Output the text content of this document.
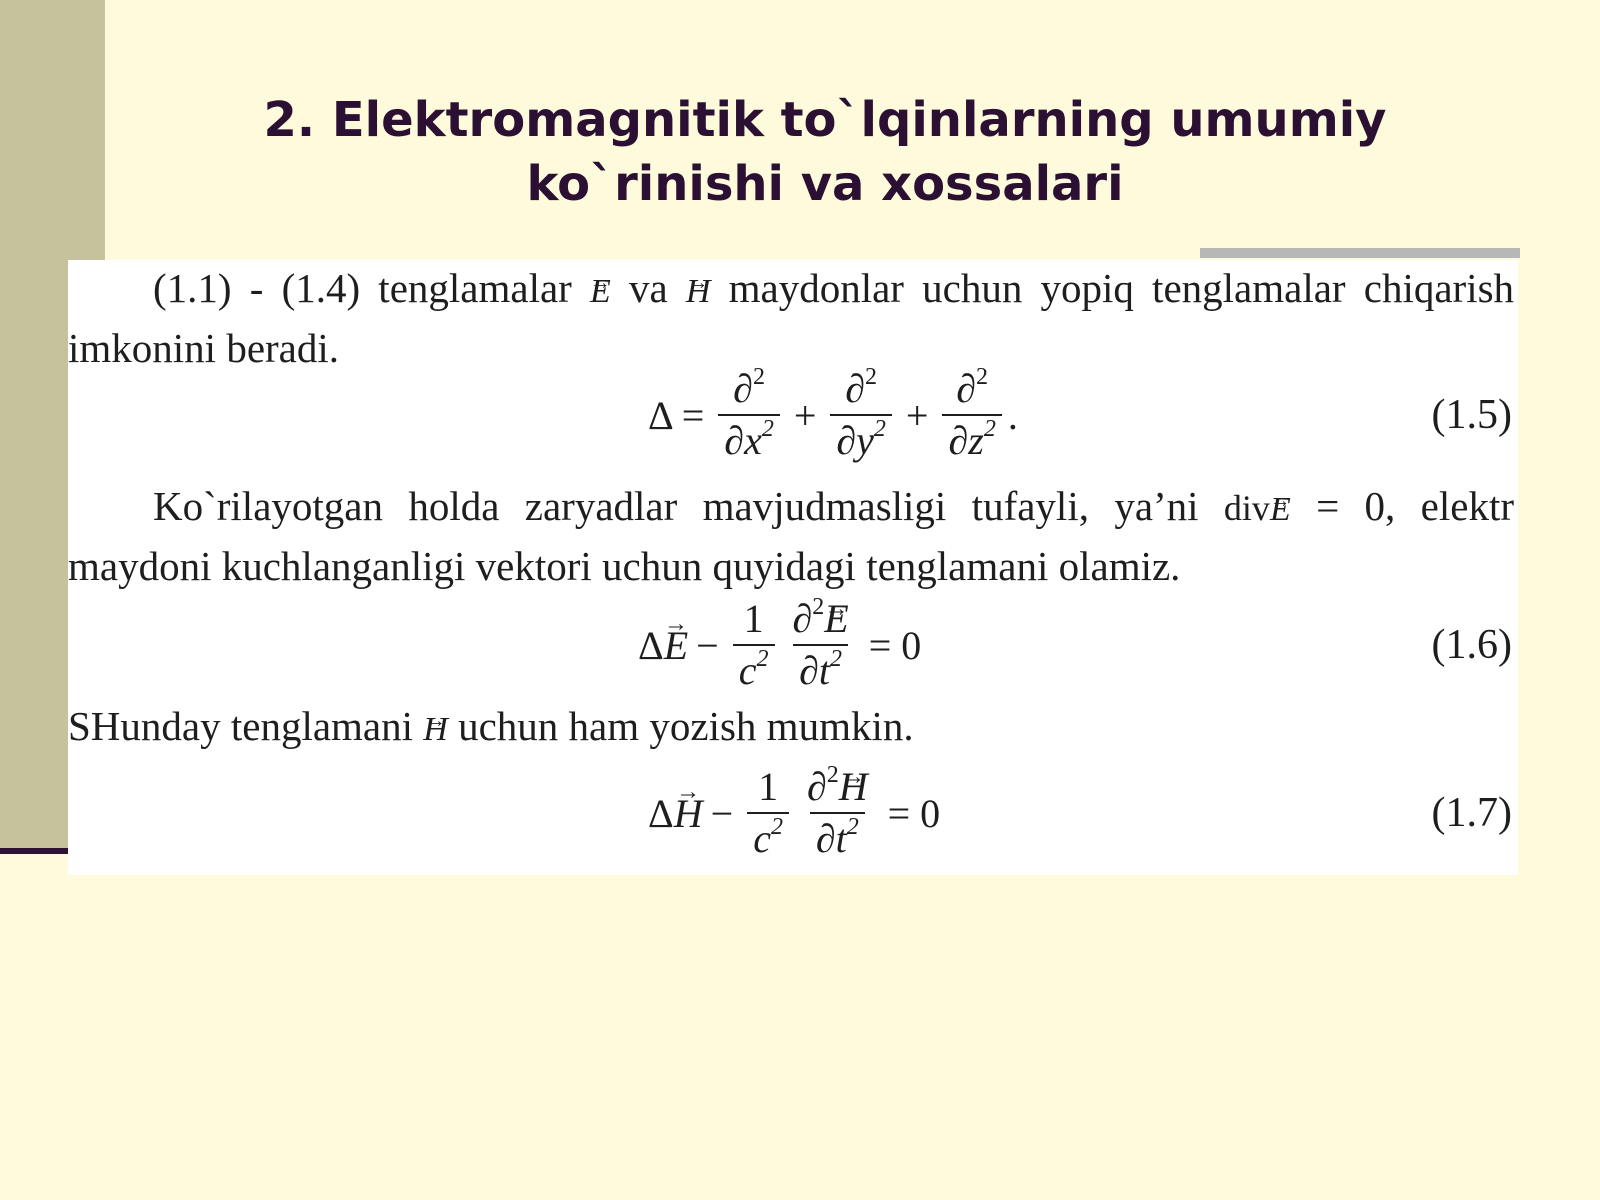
2. Elektromagnitik to`lqinlarning umumiy
ko`rinishi va xossalari
(1.1) - (1.4) tenglamalar → E va → H maydonlar uchun yopiq tenglamalar chiqarish imkonini beradi.
$\Delta = \frac{\partial^2}{\partial x^2} + \frac{\partial^2}{\partial y^2} + \frac{\partial^2}{\partial z^2}$ .	(1.5)
Ko`rilayotgan holda zaryadlar mavjudmasligi tufayli, ya’ni div→ E = 0, elektr maydoni kuchlanganligi vektori uchun quyidagi tenglamani olamiz.
Δ
→ $E - \frac{1}{c^2} \frac{\partial^2\to E}{\partial t^2} = 0$	(1.6)
SHunday tenglamani → H uchun ham yozish mumkin.
Δ
→ $H - \frac{1}{c^2} \frac{\partial^2\to H}{\partial t^2} = 0$	(1.7)
